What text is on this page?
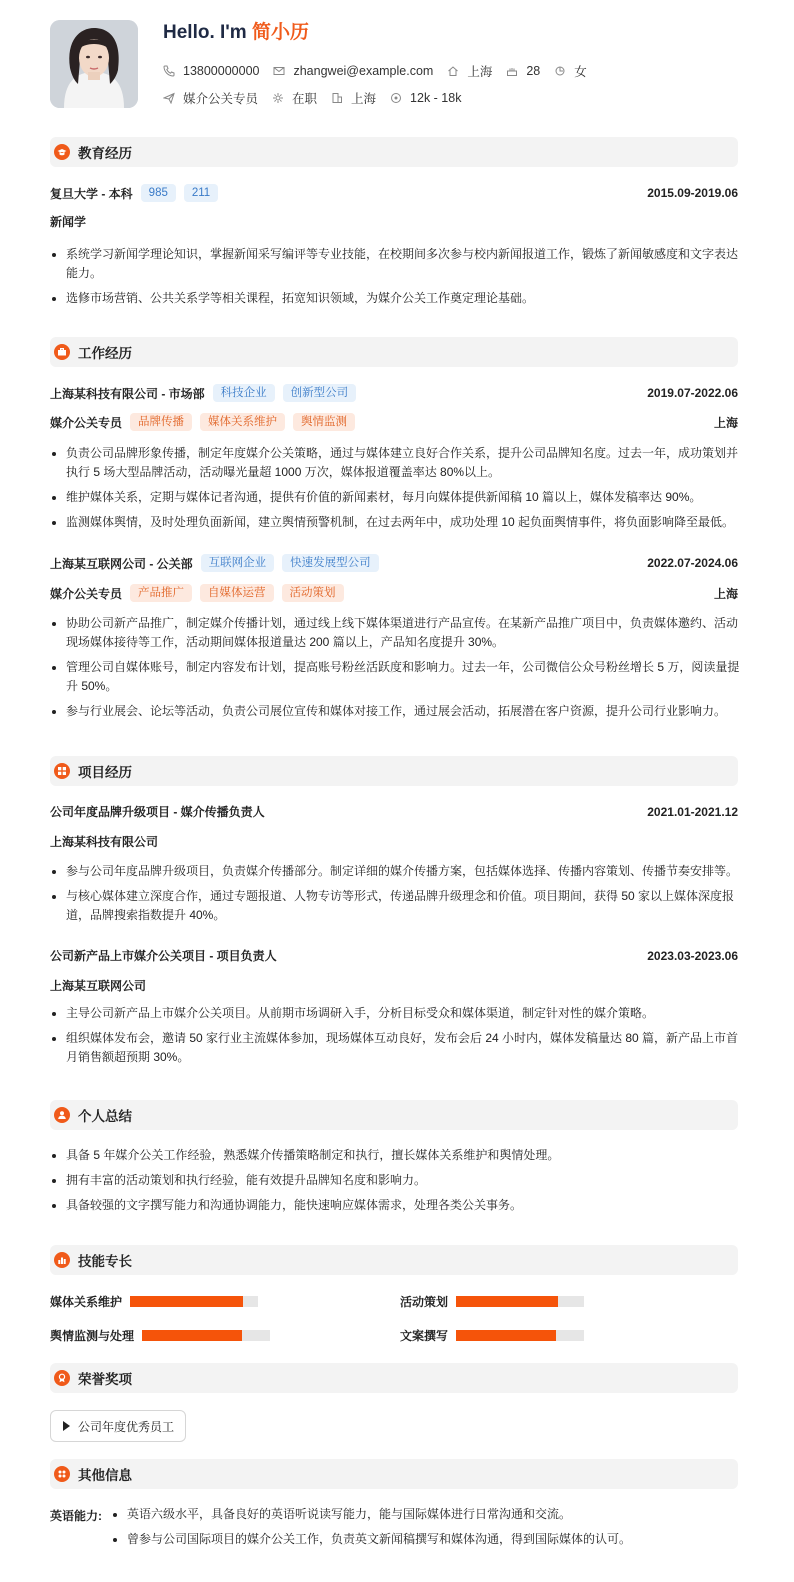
Hello. I'm 简小历
13800000000	zhangwei@example.com	上海	28	女
媒介公关专员	在职	上海	12k - 18k
教育经历
复旦大学 - 本科	985	211	2015.09-2019.06
新闻学
系统学习新闻学理论知识，掌握新闻采写编评等专业技能，在校期间多次参与校内新闻报道工作，锻炼了新闻敏感度和文字表达能力。
选修市场营销、公共关系学等相关课程，拓宽知识领域，为媒介公关工作奠定理论基础。
工作经历
上海某科技有限公司 - 市场部	科技企业	创新型公司	2019.07-2022.06
媒介公关专员	品牌传播	媒体关系维护	舆情监测	上海
负责公司品牌形象传播，制定年度媒介公关策略，通过与媒体建立良好合作关系，提升公司品牌知名度。过去一年，成功策划并执行 5 场大型品牌活动，活动曝光量超 1000 万次，媒体报道覆盖率达 80%以上。
维护媒体关系，定期与媒体记者沟通，提供有价值的新闻素材，每月向媒体提供新闻稿 10 篇以上，媒体发稿率达 90%。
监测媒体舆情，及时处理负面新闻，建立舆情预警机制，在过去两年中，成功处理 10 起负面舆情事件，将负面影响降至最低。
上海某互联网公司 - 公关部	互联网企业	快速发展型公司	2022.07-2024.06
媒介公关专员	产品推广	自媒体运营	活动策划	上海
协助公司新产品推广，制定媒介传播计划，通过线上线下媒体渠道进行产品宣传。在某新产品推广项目中，负责媒体邀约、活动现场媒体接待等工作，活动期间媒体报道量达 200 篇以上，产品知名度提升 30%。
管理公司自媒体账号，制定内容发布计划，提高账号粉丝活跃度和影响力。过去一年，公司微信公众号粉丝增长 5 万，阅读量提升 50%。
参与行业展会、论坛等活动，负责公司展位宣传和媒体对接工作，通过展会活动，拓展潜在客户资源，提升公司行业影响力。
项目经历
公司年度品牌升级项目 - 媒介传播负责人	2021.01-2021.12
上海某科技有限公司
参与公司年度品牌升级项目，负责媒介传播部分。制定详细的媒介传播方案，包括媒体选择、传播内容策划、传播节奏安排等。
与核心媒体建立深度合作，通过专题报道、人物专访等形式，传递品牌升级理念和价值。项目期间，获得 50 家以上媒体深度报道，品牌搜索指数提升 40%。
公司新产品上市媒介公关项目 - 项目负责人	2023.03-2023.06
上海某互联网公司
主导公司新产品上市媒介公关项目。从前期市场调研入手，分析目标受众和媒体渠道，制定针对性的媒介策略。
组织媒体发布会，邀请 50 家行业主流媒体参加，现场媒体互动良好，发布会后 24 小时内，媒体发稿量达 80 篇，新产品上市首月销售额超预期 30%。
个人总结
具备 5 年媒介公关工作经验，熟悉媒介传播策略制定和执行，擅长媒体关系维护和舆情处理。
拥有丰富的活动策划和执行经验，能有效提升品牌知名度和影响力。
具备较强的文字撰写能力和沟通协调能力，能快速响应媒体需求，处理各类公关事务。
技能专长
媒体关系维护	活动策划
舆情监测与处理	文案撰写
荣誉奖项
公司年度优秀员工
其他信息
英语能力:	英语六级水平，具备良好的英语听说读写能力，能与国际媒体进行日常沟通和交流。
曾参与公司国际项目的媒介公关工作，负责英文新闻稿撰写和媒体沟通，得到国际媒体的认可。
